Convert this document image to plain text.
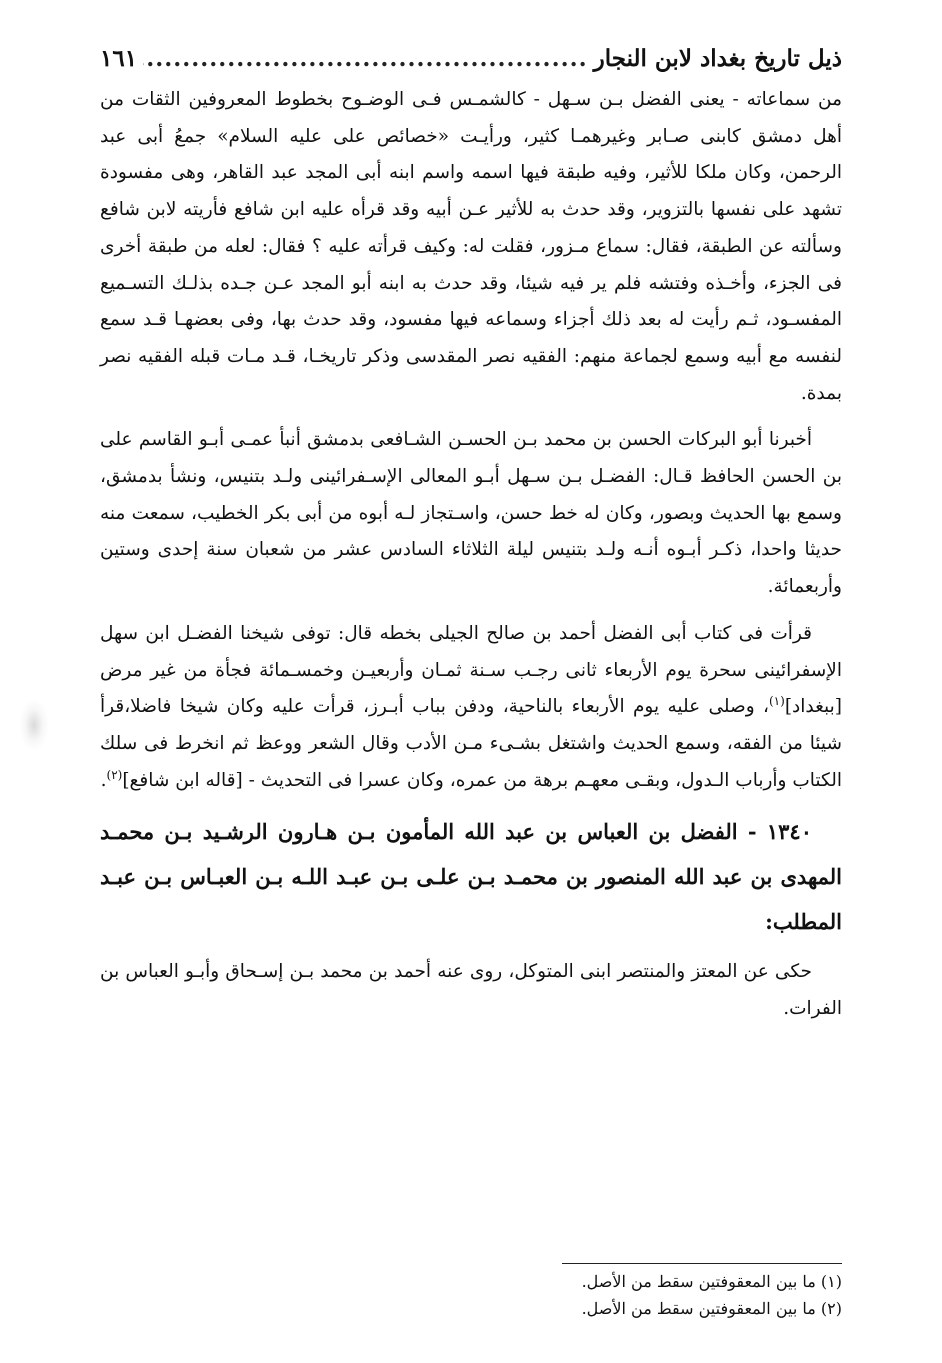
ذيل تاريخ بغداد لابن النجار
.....
١٦١

من سماعاته - يعنى الفضل بـن سـهل - كالشمـس فـى الوضـوح بخطوط المعروفين الثقات من أهل دمشق كابنى صـابر وغيرهمـا كثير، ورأيـت «خصائص على عليه السلام» جمعُ أبى عبد الرحمن، وكان ملكا للأثير، وفيه طبقة فيها اسمه واسم ابنه أبى المجد عبد القاهر، وهى مفسودة تشهد على نفسها بالتزوير، وقد حدث به للأثير عـن أبيه وقد قرأه عليه ابن شافع فأريته لابن شافع وسألته عن الطبقة، فقال: سماع مـزور، فقلت له: وكيف قرأته عليه ؟ فقال: لعله من طبقة أخرى فى الجزء، وأخـذه وفتشه فلم ير فيه شيئا، وقد حدث به ابنه أبو المجد عـن جـده بذلـك التسـميع المفسـود، ثـم رأيت له بعد ذلك أجزاء وسماعه فيها مفسود، وقد حدث بها، وفى بعضهـا قـد سمع لنفسه مع أبيه وسمع لجماعة منهم: الفقيه نصر المقدسى وذكر تاريخـا، قـد مـات قبله الفقيه نصر بمدة.

أخبرنا أبو البركات الحسن بن محمد بـن الحسـن الشـافعى بدمشق أنبأ عمـى أبـو القاسم على بن الحسن الحافظ قـال: الفضـل بـن سـهل أبـو المعالى الإسـفرائينى ولـد بتنيس، ونشأ بدمشق، وسمع بها الحديث وبصور، وكان له خط حسن، واسـتجاز لـه أبوه من أبى بكر الخطيب، سمعت منه حديثا واحدا، ذكـر أبـوه أنـه ولـد بتنيس ليلة الثلاثاء السادس عشر من شعبان سنة إحدى وستين وأربعمائة.

قرأت فى كتاب أبى الفضل أحمد بن صالح الجيلى بخطه قال: توفى شيخنا الفضـل ابن سهل الإسفرائينى سحرة يوم الأربعاء ثانى رجـب سـنة ثمـان وأربعيـن وخمسـمائة فجأة من غير مرض [ببغداد]$^{(١)}$، وصلى عليه يوم الأربعاء بالناحية، ودفن بباب أبـرز، قرأت عليه وكان شيخا فاضلا،قرأ شيئا من الفقه، وسمع الحديث واشتغل بشـىء مـن الأدب وقال الشعر ووعظ ثم انخرط فى سلك الكتاب وأرباب الـدول، وبقـى معهـم برهة من عمره، وكان عسرا فى التحديث - [قاله ابن شافع]$^{(٢)}$.

١٣٤٠ - الفضل بن العباس بن عبد الله المأمون بـن هـارون الرشـيد بـن محمـد المهدى بن عبد الله المنصور بن محمـد بـن علـى بـن عبـد اللـه بـن العبـاس بـن عبـد المطلب:

حكى عن المعتز والمنتصر ابنى المتوكل، روى عنه أحمد بن محمد بـن إسـحاق وأبـو العباس بن الفرات.

(١) ما بين المعقوفتين سقط من الأصل.
(٢) ما بين المعقوفتين سقط من الأصل.
